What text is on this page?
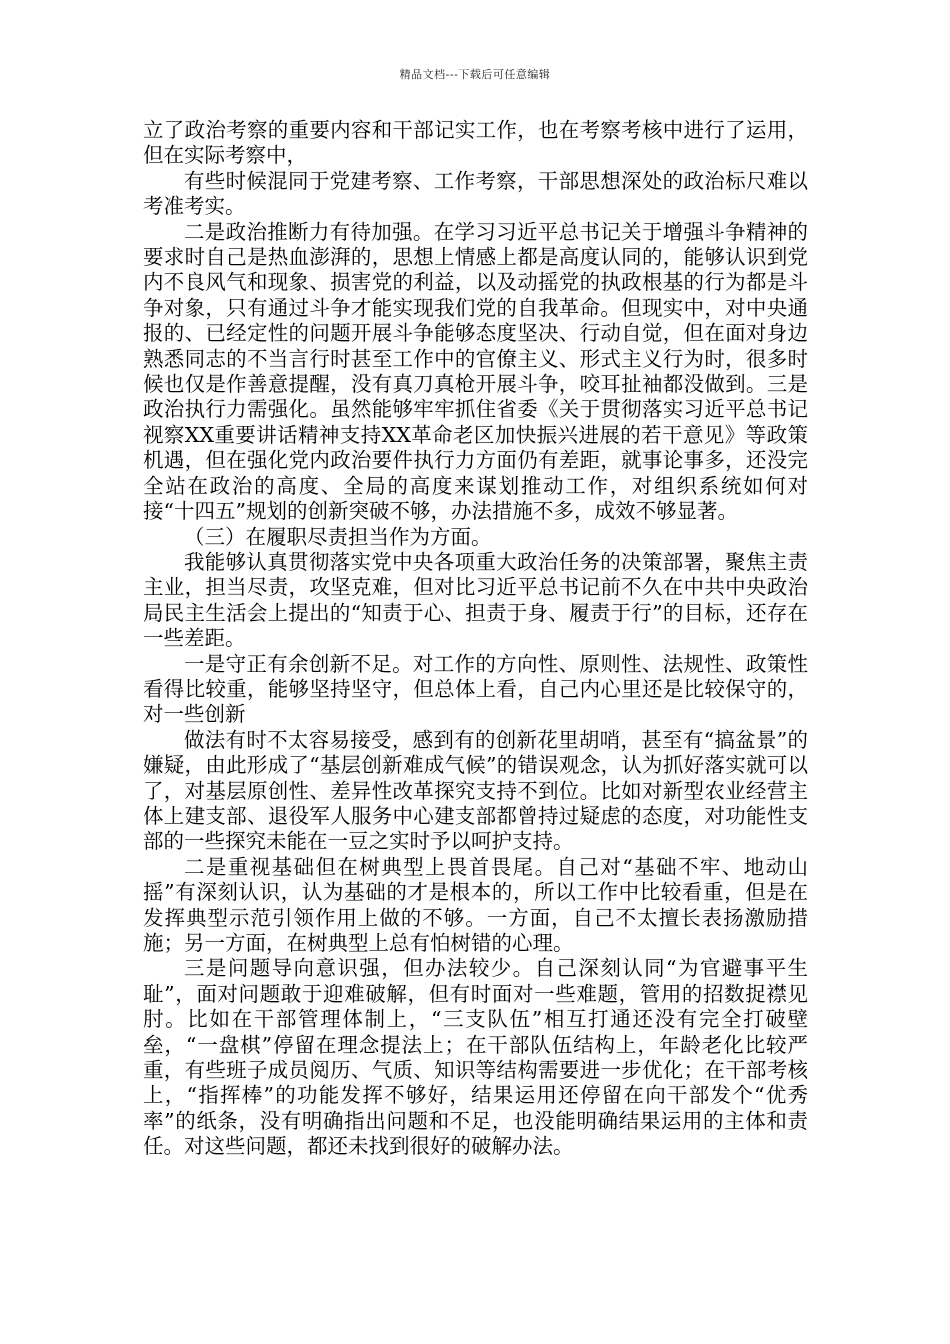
精品文档---下载后可任意编辑

立了政治考察的重要内容和干部记实工作，也在考察考核中进行了运用，但在实际考察中，

有些时候混同于党建考察、工作考察，干部思想深处的政治标尺难以考准考实。

二是政治推断力有待加强。在学习习近平总书记关于增强斗争精神的要求时自己是热血澎湃的，思想上情感上都是高度认同的，能够认识到党内不良风气和现象、损害党的利益，以及动摇党的执政根基的行为都是斗争对象，只有通过斗争才能实现我们党的自我革命。但现实中，对中央通报的、已经定性的问题开展斗争能够态度坚决、行动自觉，但在面对身边熟悉同志的不当言行时甚至工作中的官僚主义、形式主义行为时，很多时候也仅是作善意提醒，没有真刀真枪开展斗争，咬耳扯袖都没做到。三是政治执行力需强化。虽然能够牢牢抓住省委《关于贯彻落实习近平总书记视察XX重要讲话精神支持XX革命老区加快振兴进展的若干意见》等政策机遇，但在强化党内政治要件执行力方面仍有差距，就事论事多，还没完全站在政治的高度、全局的高度来谋划推动工作，对组织系统如何对接“十四五”规划的创新突破不够，办法措施不多，成效不够显著。

（三）在履职尽责担当作为方面。

我能够认真贯彻落实党中央各项重大政治任务的决策部署，聚焦主责主业，担当尽责，攻坚克难，但对比习近平总书记前不久在中共中央政治局民主生活会上提出的“知责于心、担责于身、履责于行”的目标，还存在一些差距。

一是守正有余创新不足。对工作的方向性、原则性、法规性、政策性看得比较重，能够坚持坚守，但总体上看，自己内心里还是比较保守的，对一些创新

做法有时不太容易接受，感到有的创新花里胡哨，甚至有“搞盆景”的嫌疑，由此形成了“基层创新难成气候”的错误观念，认为抓好落实就可以了，对基层原创性、差异性改革探究支持不到位。比如对新型农业经营主体上建支部、退役军人服务中心建支部都曾持过疑虑的态度，对功能性支部的一些探究未能在一豆之实时予以呵护支持。

二是重视基础但在树典型上畏首畏尾。自己对“基础不牢、地动山摇”有深刻认识，认为基础的才是根本的，所以工作中比较看重，但是在发挥典型示范引领作用上做的不够。一方面，自己不太擅长表扬激励措施；另一方面，在树典型上总有怕树错的心理。

三是问题导向意识强，但办法较少。自己深刻认同“为官避事平生耻”，面对问题敢于迎难破解，但有时面对一些难题，管用的招数捉襟见肘。比如在干部管理体制上，“三支队伍”相互打通还没有完全打破壁垒，“一盘棋”停留在理念提法上；在干部队伍结构上，年龄老化比较严重，有些班子成员阅历、气质、知识等结构需要进一步优化；在干部考核上，“指挥棒”的功能发挥不够好，结果运用还停留在向干部发个“优秀率”的纸条，没有明确指出问题和不足，也没能明确结果运用的主体和责任。对这些问题，都还未找到很好的破解办法。
